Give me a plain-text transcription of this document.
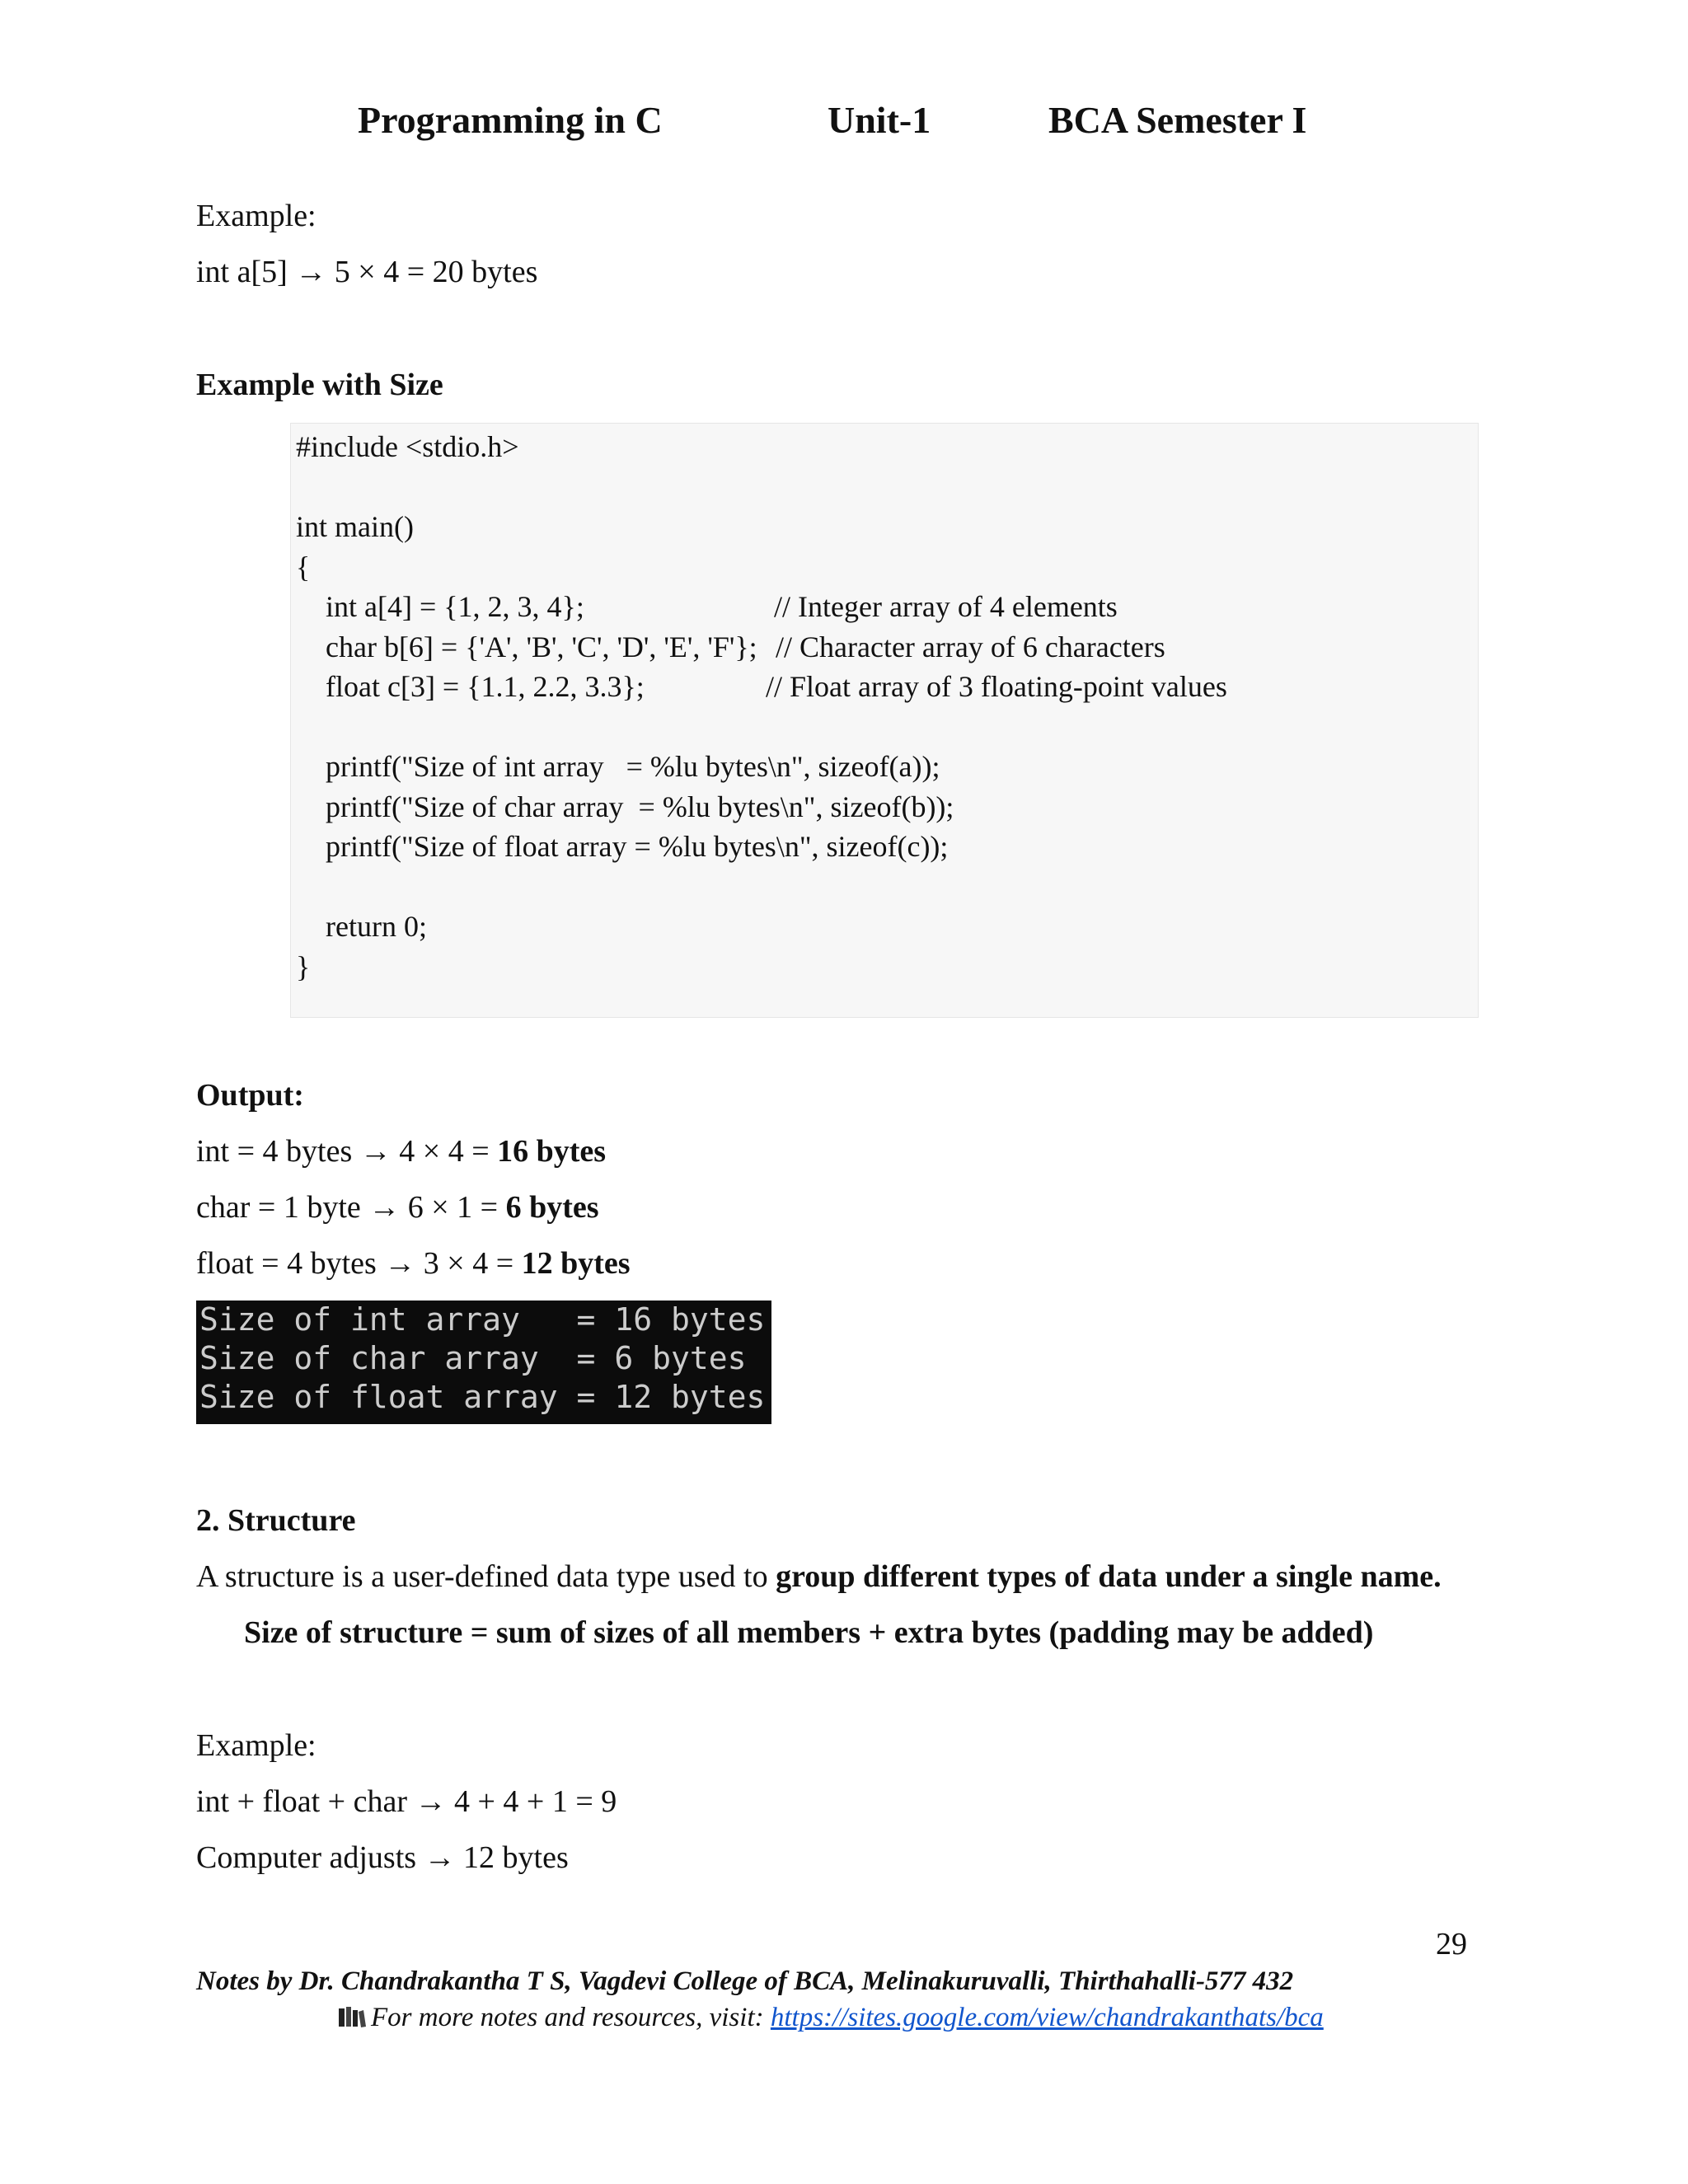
Programming in C	Unit-1	BCA Semester I
Example:
int a[5] → 5 × 4 = 20 bytes
Example with Size
#include <stdio.h>
int main()
{
int a[4] = {1, 2, 3, 4};	// Integer array of 4 elements
char b[6] = {'A', 'B', 'C', 'D', 'E', 'F'}; // Character array of 6 characters
float c[3] = {1.1, 2.2, 3.3};	// Float array of 3 floating-point values
printf("Size of int array   = %lu bytes\n", sizeof(a));
printf("Size of char array  = %lu bytes\n", sizeof(b));
printf("Size of float array = %lu bytes\n", sizeof(c));
return 0;
}
Output:
int = 4 bytes → 4 × 4 = 16 bytes
char = 1 byte → 6 × 1 = 6 bytes
float = 4 bytes → 3 × 4 = 12 bytes
Size of int array   = 16 bytes
Size of char array  = 6 bytes
Size of float array = 12 bytes
2. Structure
A structure is a user-defined data type used to group different types of data under a single name.
Size of structure = sum of sizes of all members + extra bytes (padding may be added)
Example:
int + float + char → 4 + 4 + 1 = 9
Computer adjusts → 12 bytes
29
Notes by Dr. Chandrakantha T S, Vagdevi College of BCA, Melinakuruvalli, Thirthahalli-577 432
For more notes and resources, visit: https://sites.google.com/view/chandrakanthats/bca
